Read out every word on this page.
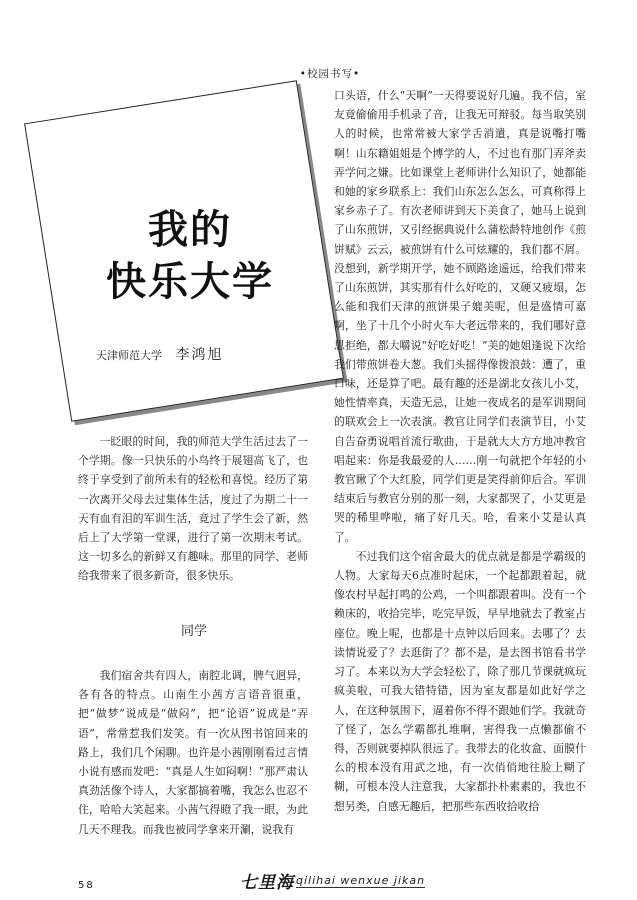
•校园书写•
我的
快乐大学
天津师范大学 李鸿旭

一眨眼的时间，我的师范大学生活过去了一个学期。像一只快乐的小鸟终于展翅高飞了，也终于享受到了前所未有的轻松和喜悦。经历了第一次离开父母去过集体生活，度过了为期二十一天有血有泪的军训生活，竟过了学生会了新，然后上了大学第一堂课，进行了第一次期末考试。这一切多么的新鲜又有趣味。那里的同学、老师给我带来了很多新奇，很多快乐。

同学

我们宿舍共有四人，南腔北调，脾气迥异，各有各的特点。山南生小茜方言语音很重，把“做梦”说成是“做闷”，把“论语”说成是“弄语”，常常惹我们发笑。有一次从图书馆回来的路上，我们几个闲聊。也许是小茜刚刚看过言情小说有感而发吧：“真是人生如闷啊！”那严肃认真劲活像个诗人，大家都搞着嘴，我怎么也忍不住，哈哈大笑起来。小茜气得瞪了我一眼，为此几天不理我。而我也被同学拿来开涮，说我有

口头语，什么“天啊”一天得要说好几遍。我不信，室友竟偷偷用手机录了音，让我无可辩驳。每当取笑别人的时候，也常常被大家学舌消遣，真是说嘴打嘴啊！山东籍姐姐是个博学的人，不过也有那门弄斧卖弄学问之嫌。比如课堂上老师讲什么知识了，她都能和她的家乡联系上：我们山东怎么怎么，可真称得上家乡赤子了。有次老师讲到天下美食了，她马上说到了山东煎饼，又引经据典说什么蒲松龄特地创作《煎饼赋》云云，被煎饼有什么可炫耀的，我们都不屑。没想到，新学期开学，她不顾路途遥远，给我们带来了山东煎饼，其实那有什么好吃的，又硬又疲塌，怎么能和我们天津的煎饼果子媲美呢，但是盛情可嘉啊，坐了十几个小时火车大老远带来的，我们哪好意思拒绝，都大嚼说“好吃好吃！”美的她姐逢说下次给我们带煎饼卷大葱。我们头摇得像拨浪鼓：遭了，重口味，还是算了吧。最有趣的还是湖北女孩儿小艾，她性情率真，天造无忌，让她一夜成名的是军训期间的联欢会上一次表演。教官让同学们表演节目，小艾自告奋勇说唱首流行歌曲，于是就大大方方地冲教官唱起来：你是我最爱的人……刚一句就把个年轻的小教官瞅了个大红脸，同学们更是笑得前仰后合。军训结束后与教官分别的那一刻，大家都哭了，小艾更是哭的稀里哗啦，痛了好几天。哈，看来小艾是认真了。

不过我们这个宿舍最大的优点就是都是学霸级的人物。大家每天6点准时起床，一个起都跟着起，就像农村早起打鸣的公鸡，一个叫都跟着叫。没有一个赖床的，收拾完毕，吃完早饭，早早地就去了教室占座位。晚上呢，也都是十点钟以后回来。去哪了？去读情说爱了？去逛街了？都不是，是去图书馆看书学习了。本来以为大学会轻松了，除了那几节课就疯玩疯美啦，可我大错特错，因为室友都是如此好学之人，在这种氛围下，逼着你不得不跟她们学。我就奇了怪了，怎么学霸都扎堆啊，害得我一点懒都偷不得，否则就要掉队很远了。我带去的化妆盒、面膜什么的根本没有用武之地，有一次俏俏地往脸上糊了糊，可根本没人注意我，大家都扑朴素素的，我也不想另类，自感无趣后，把那些东西收拾收拾

58	七里海 qilihai wenxue jikan
